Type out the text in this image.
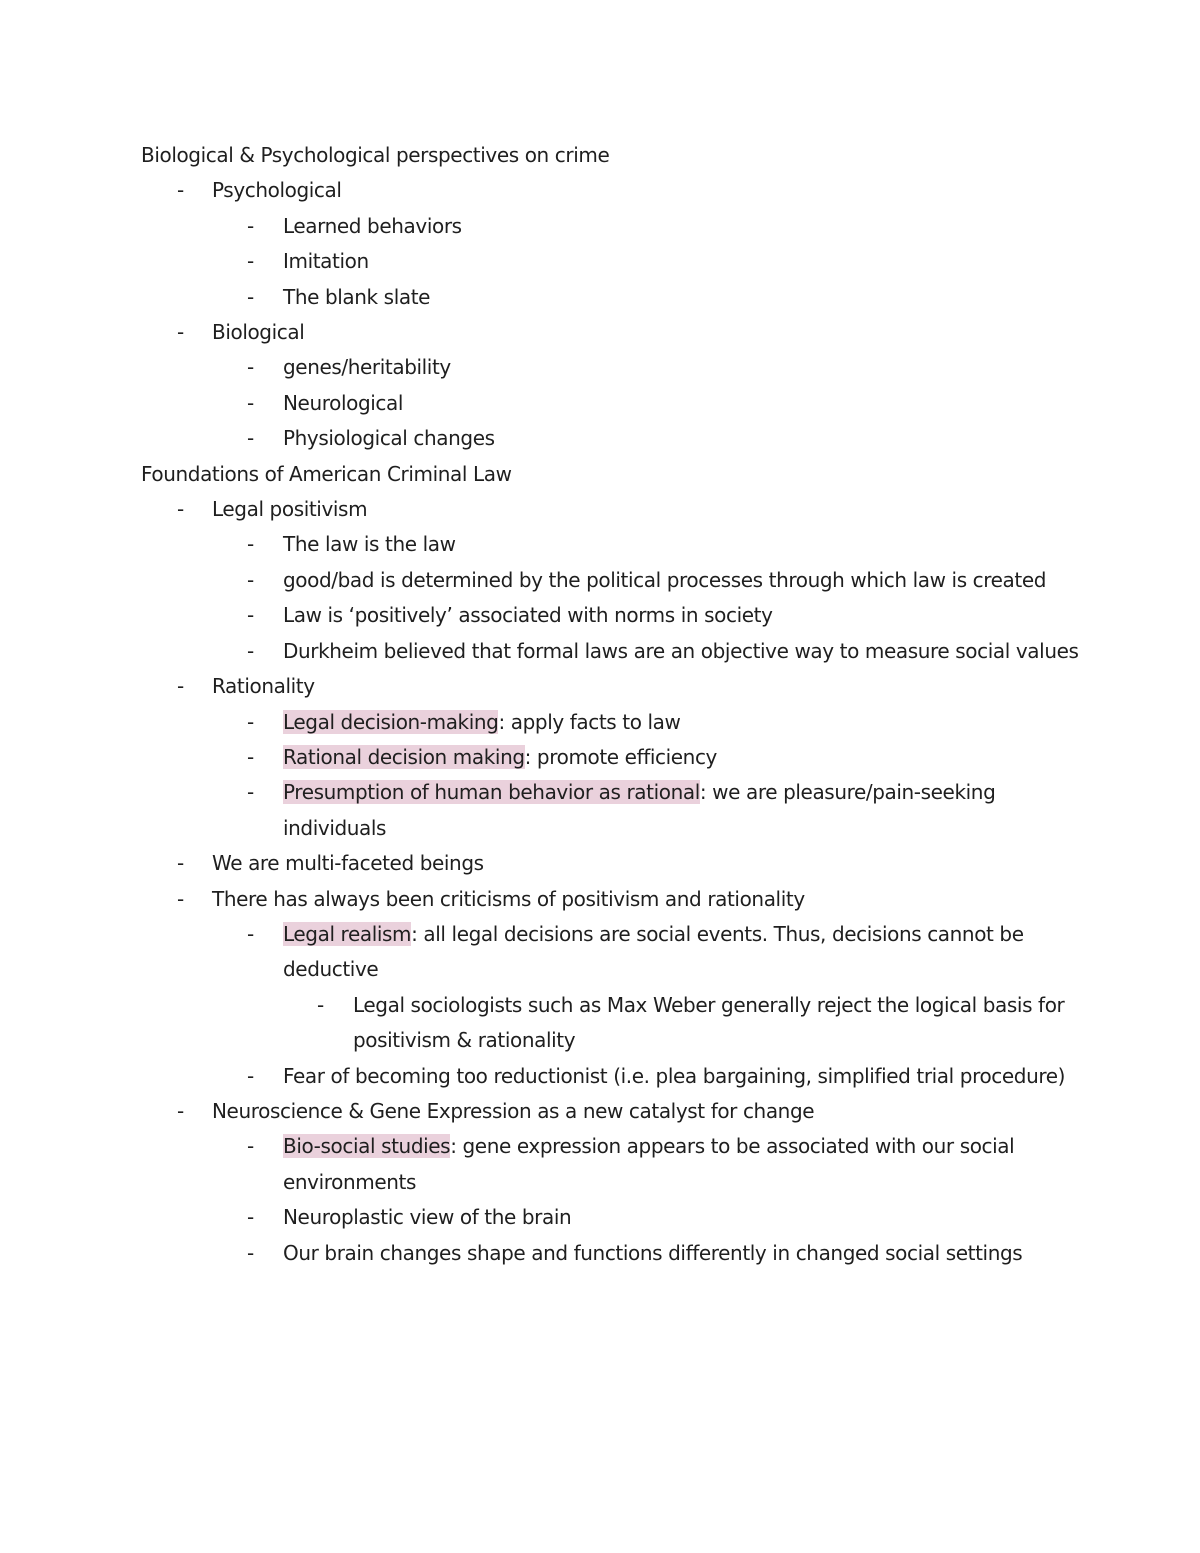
Biological & Psychological perspectives on crime
- Psychological
- Learned behaviors
- Imitation
- The blank slate
- Biological
- genes/heritability
- Neurological
- Physiological changes
Foundations of American Criminal Law
- Legal positivism
- The law is the law
- good/bad is determined by the political processes through which law is created
- Law is ‘positively’ associated with norms in society
- Durkheim believed that formal laws are an objective way to measure social values
- Rationality
- Legal decision-making: apply facts to law
- Rational decision making: promote efficiency
- Presumption of human behavior as rational: we are pleasure/pain-seeking individuals
- We are multi-faceted beings
- There has always been criticisms of positivism and rationality
- Legal realism: all legal decisions are social events. Thus, decisions cannot be deductive
- Legal sociologists such as Max Weber generally reject the logical basis for positivism & rationality
- Fear of becoming too reductionist (i.e. plea bargaining, simplified trial procedure)
- Neuroscience & Gene Expression as a new catalyst for change
- Bio-social studies: gene expression appears to be associated with our social environments
- Neuroplastic view of the brain
- Our brain changes shape and functions differently in changed social settings
